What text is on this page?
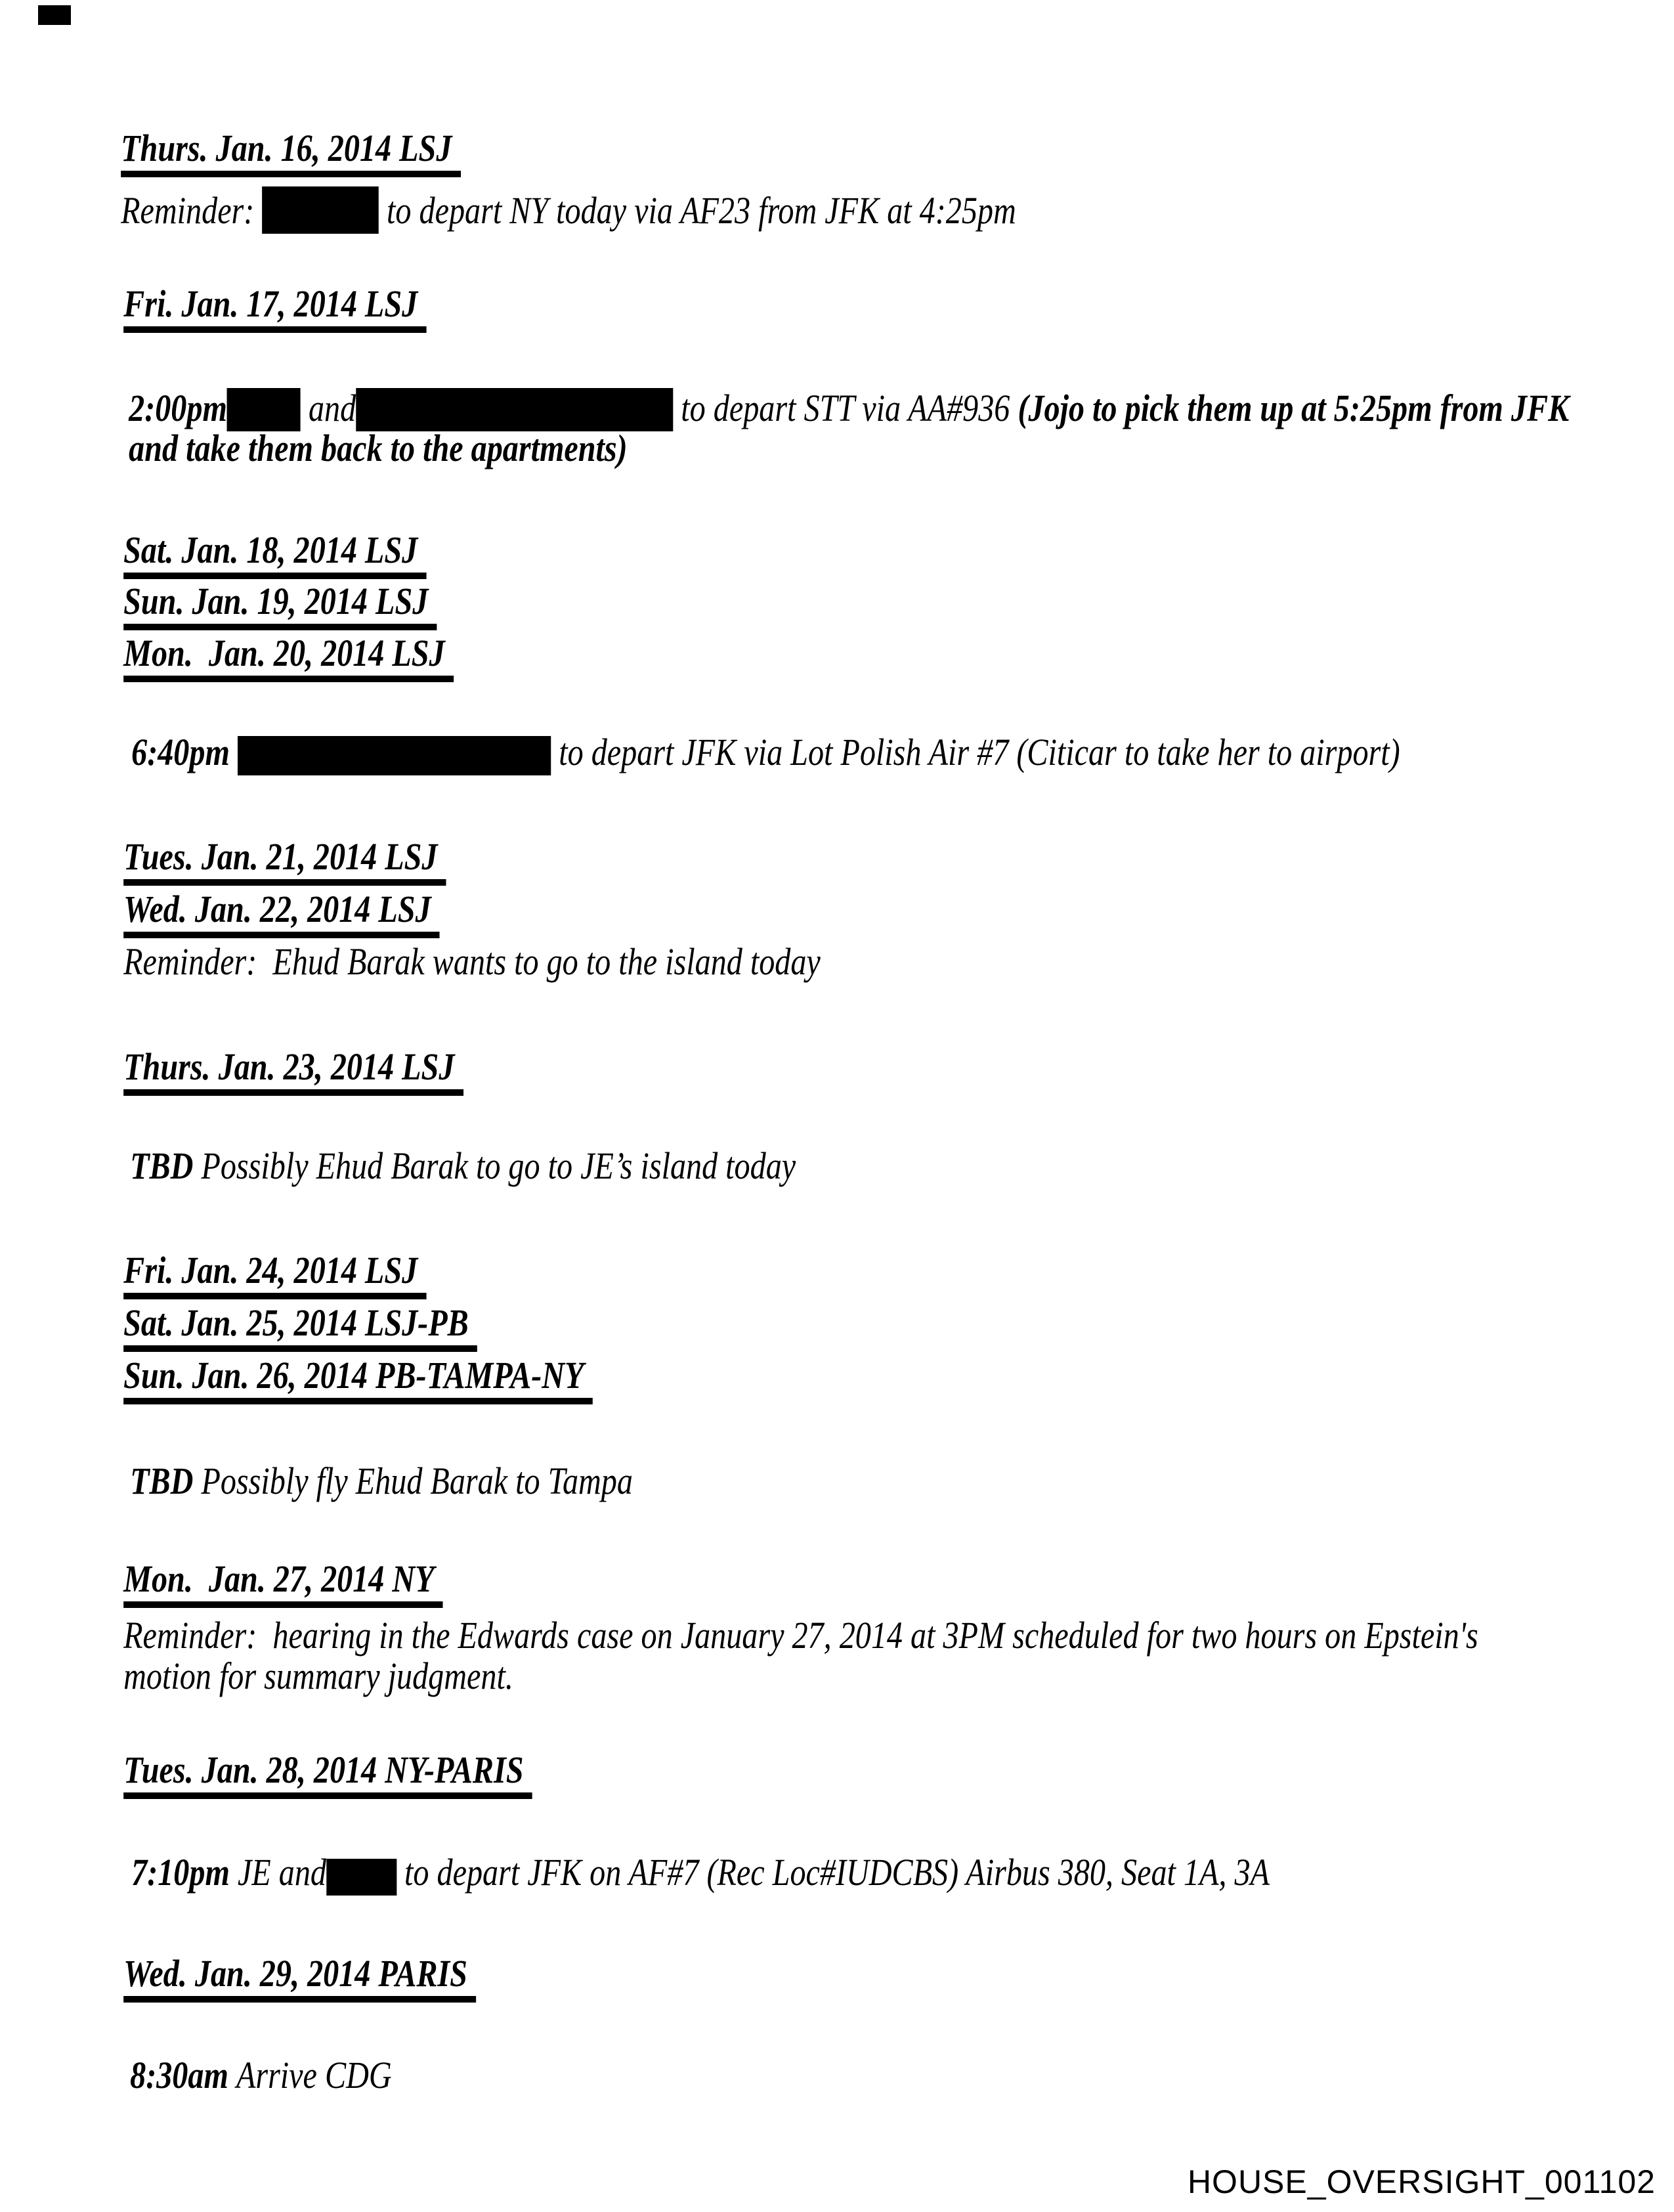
Thurs. Jan. 16, 2014 LSJ

Reminder:	to depart NY today via AF23 from JFK at 4:25pm

Fri. Jan. 17, 2014 LSJ

2:00pm and	to depart STT via AA#936 (Jojo to pick them up at 5:25pm from JFK

and take them back to the apartments)

Sat. Jan. 18, 2014 LSJ

Sun. Jan. 19, 2014 LSJ

Mon.  Jan. 20, 2014 LSJ

6:40pm	to depart JFK via Lot Polish Air #7 (Citicar to take her to airport)

Tues. Jan. 21, 2014 LSJ

Wed. Jan. 22, 2014 LSJ

Reminder:  Ehud Barak wants to go to the island today

Thurs. Jan. 23, 2014 LSJ

TBD Possibly Ehud Barak to go to JE’s island today

Fri. Jan. 24, 2014 LSJ

Sat. Jan. 25, 2014 LSJ-PB

Sun. Jan. 26, 2014 PB-TAMPA-NY

TBD Possibly fly Ehud Barak to Tampa

Mon.  Jan. 27, 2014 NY

Reminder:  hearing in the Edwards case on January 27, 2014 at 3PM scheduled for two hours on Epstein's

motion for summary judgment.

Tues. Jan. 28, 2014 NY-PARIS

7:10pm JE and to depart JFK on AF#7 (Rec Loc#IUDCBS) Airbus 380, Seat 1A, 3A

Wed. Jan. 29, 2014 PARIS

8:30am Arrive CDG

HOUSE_OVERSIGHT_001102
